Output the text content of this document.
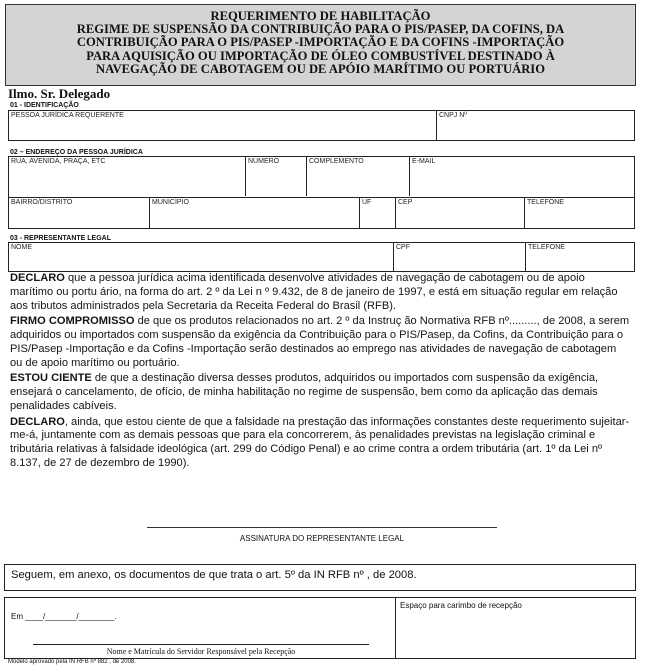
REQUERIMENTO DE HABILITAÇÃO
REGIME DE SUSPENSÃO DA CONTRIBUIÇÃO PARA O PIS/PASEP, DA COFINS, DA
CONTRIBUIÇÃO PARA O PIS/PASEP -IMPORTAÇÃO E DA COFINS -IMPORTAÇÃO
PARA AQUISIÇÃO OU IMPORTAÇÃO DE ÓLEO COMBUSTÍVEL DESTINADO À
NAVEGAÇÃO DE CABOTAGEM OU DE APÓIO MARÍTIMO OU PORTUÁRIO
Ilmo. Sr. Delegado
01 - IDENTIFICAÇÃO
PESSOA JURÍDICA REQUERENTE	CNPJ Nº
02 – ENDEREÇO DA PESSOA JURÍDICA
RUA, AVENIDA, PRAÇA, ETC	NÚMERO	COMPLEMENTO	E-MAIL
BAIRRO/DISTRITO	MUNICÍPIO	UF	CEP	TELEFONE
03 - REPRESENTANTE LEGAL
NOME	CPF	TELEFONE

DECLARO que a pessoa jurídica acima identificada desenvolve atividades de navegação de cabotagem ou de apoio marítimo ou portu ário, na forma do art. 2 º da Lei n º 9.432, de 8 de janeiro de 1997, e está em situação regular em relação aos tributos administrados pela Secretaria da Receita Federal do Brasil (RFB).

FIRMO COMPROMISSO de que os produtos relacionados no art. 2 º da Instruç ão Normativa RFB nº........., de 2008, a serem adquiridos ou importados com suspensão da exigência da Contribuição para o PIS/Pasep, da Cofins, da Contribuição para o PIS/Pasep -Importação e da Cofins -Importação serão destinados ao emprego nas atividades de navegação de cabotagem ou de apoio marítimo ou portuário.

ESTOU CIENTE de que a destinação diversa desses produtos, adquiridos ou importados com suspensão da exigência, ensejará o cancelamento, de ofício, de minha habilitação no regime de suspensão, bem como da aplicação das demais penalidades cabíveis.

DECLARO, ainda, que estou ciente de que a falsidade na prestação das informações constantes deste requerimento sujeitar-me-á, juntamente com as demais pessoas que para ela concorrerem, às penalidades previstas na legislação criminal e tributária relativas à falsidade ideológica (art. 299 do Código Penal) e ao crime contra a ordem tributária (art. 1º da Lei nº 8.137, de 27 de dezembro de 1990).

ASSINATURA DO REPRESENTANTE LEGAL
Seguem, em anexo, os documentos de que trata o art. 5º da IN RFB nº , de 2008.
Em ____/_______/________.
Nome e Matrícula do Servidor Responsável pela Recepção
Espaço para carimbo de recepção
Modelo aprovado pela IN RFB nº 882 , de 2008.
